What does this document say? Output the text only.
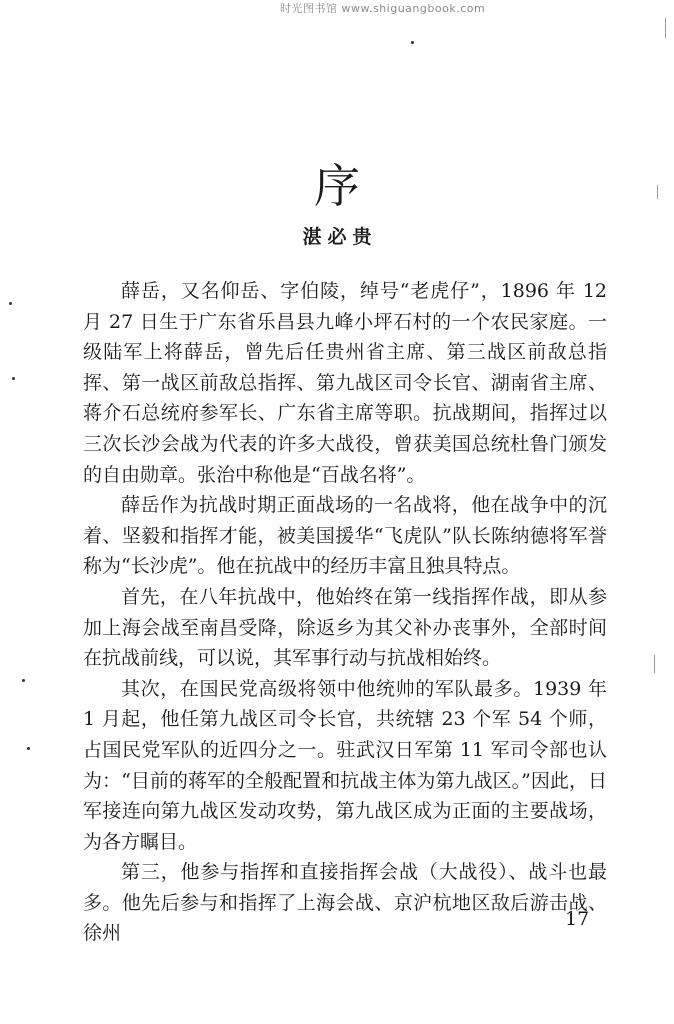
时光图书馆 www.shiguangbook.com
序
湛必贵

薛岳，又名仰岳、字伯陵，绰号“老虎仔”，1896 年 12 月 27 日生于广东省乐昌县九峰小坪石村的一个农民家庭。一级陆军上将薛岳，曾先后任贵州省主席、第三战区前敌总指挥、第一战区前敌总指挥、第九战区司令长官、湖南省主席、蒋介石总统府参军长、广东省主席等职。抗战期间，指挥过以三次长沙会战为代表的许多大战役，曾获美国总统杜鲁门颁发的自由勋章。张治中称他是“百战名将”。

薛岳作为抗战时期正面战场的一名战将，他在战争中的沉着、坚毅和指挥才能，被美国援华“飞虎队”队长陈纳德将军誉称为“长沙虎”。他在抗战中的经历丰富且独具特点。

首先，在八年抗战中，他始终在第一线指挥作战，即从参加上海会战至南昌受降，除返乡为其父补办丧事外，全部时间在抗战前线，可以说，其军事行动与抗战相始终。

其次，在国民党高级将领中他统帅的军队最多。1939 年 1 月起，他任第九战区司令长官，共统辖 23 个军 54 个师，占国民党军队的近四分之一。驻武汉日军第 11 军司令部也认为：“目前的蒋军的全般配置和抗战主体为第九战区。”因此，日军接连向第九战区发动攻势，第九战区成为正面的主要战场，为各方瞩目。

第三，他参与指挥和直接指挥会战（大战役）、战斗也最多。他先后参与和指挥了上海会战、京沪杭地区敌后游击战、徐州

17
